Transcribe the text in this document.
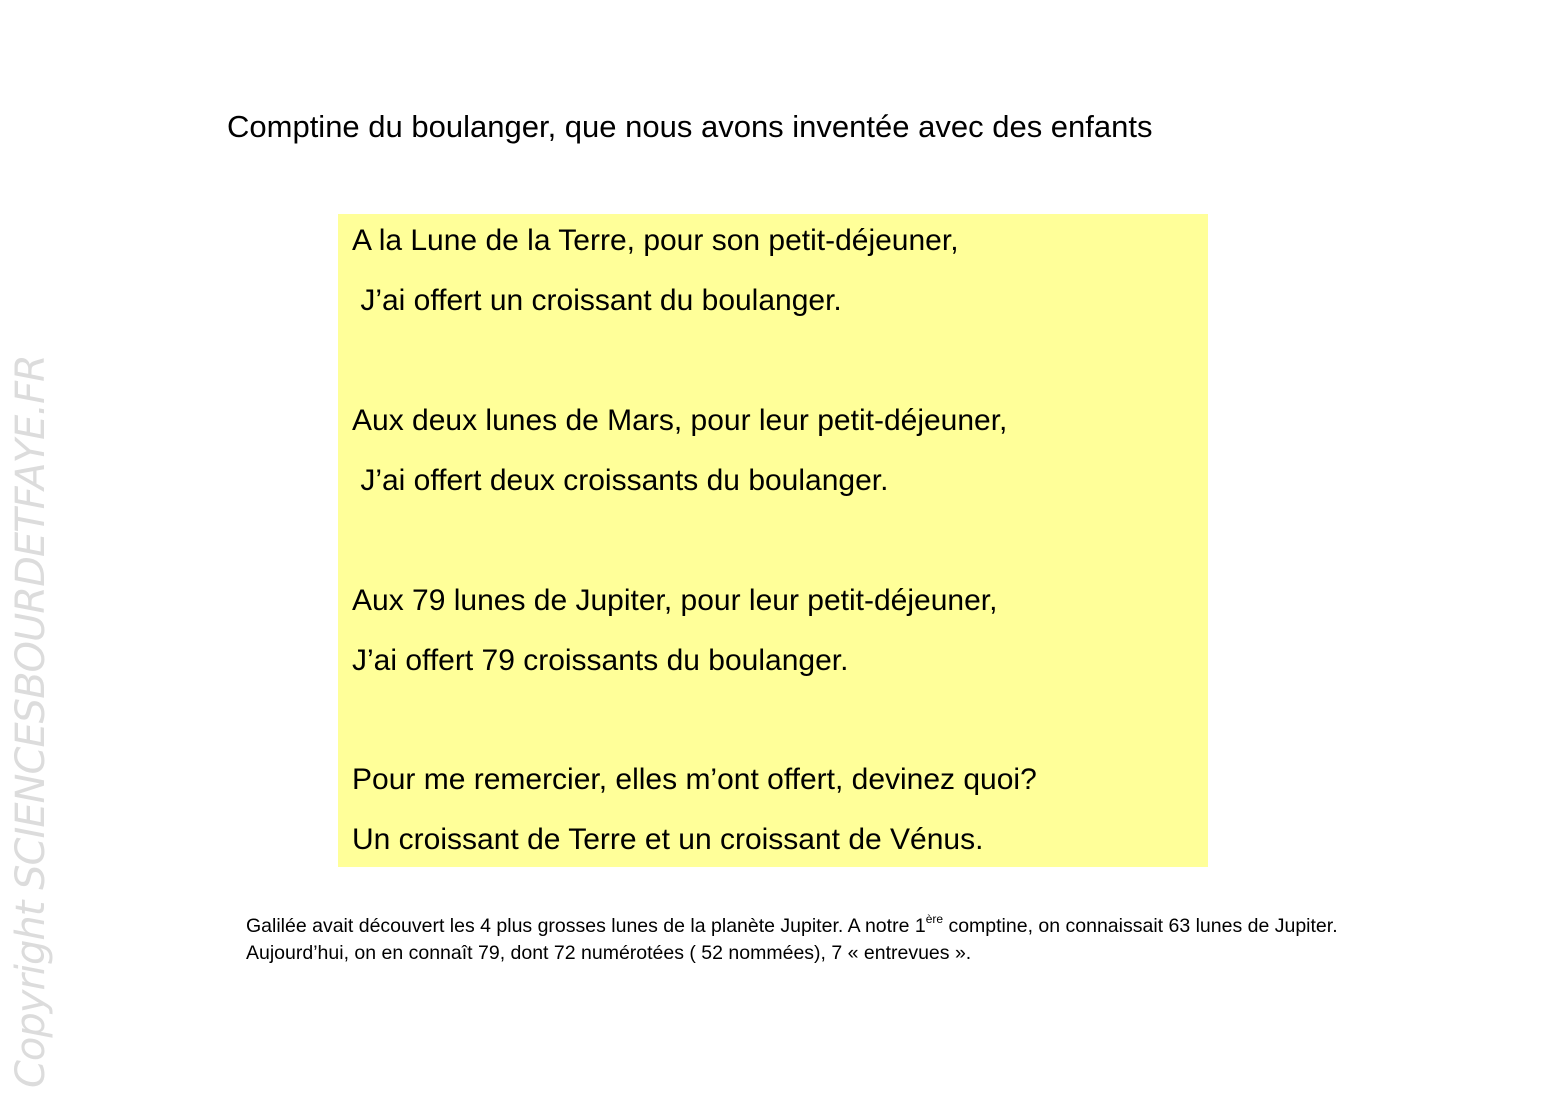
Comptine du boulanger, que nous avons inventée avec des enfants
A la Lune de la Terre, pour son petit-déjeuner,
J’ai offert un croissant du boulanger.
Aux deux lunes de Mars, pour leur petit-déjeuner,
J’ai offert deux croissants du boulanger.
Aux 79 lunes de Jupiter, pour leur petit-déjeuner,
J’ai offert 79 croissants du boulanger.
Pour me remercier, elles m’ont offert, devinez quoi?
Un croissant de Terre et un croissant de Vénus.

Galilée avait découvert les 4 plus grosses lunes de la planète Jupiter. A notre 1ère comptine, on connaissait 63 lunes de Jupiter. Aujourd’hui, on en connaît 79, dont 72 numérotées ( 52 nommées), 7 « entrevues ».

Copyright SCIENCESBOURDETFAYE.FR
